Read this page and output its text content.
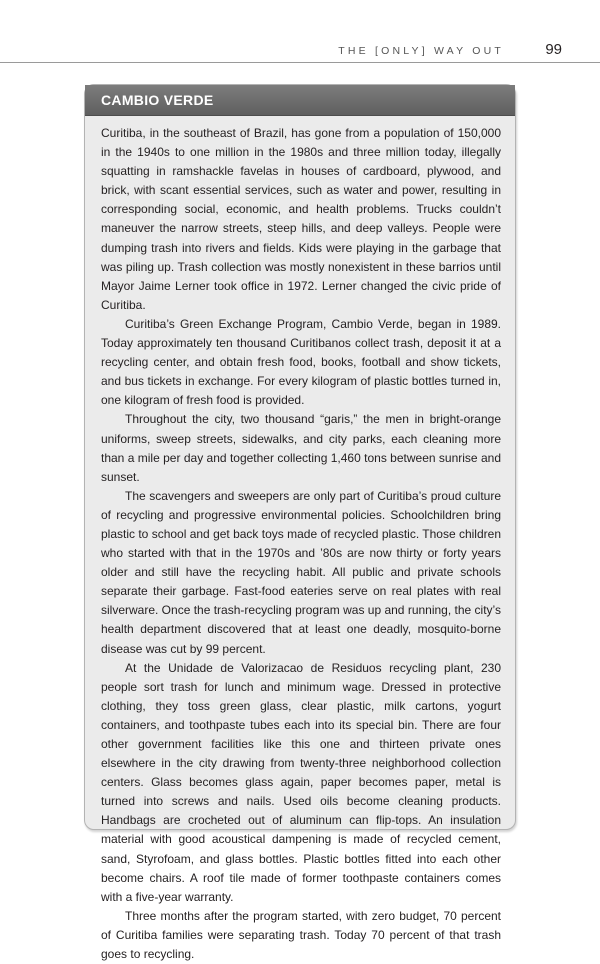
THE [ONLY] WAY OUT	99
CAMBIO VERDE

Curitiba, in the southeast of Brazil, has gone from a population of 150,000 in the 1940s to one million in the 1980s and three million today, illegally squatting in ramshackle favelas in houses of cardboard, plywood, and brick, with scant essential services, such as water and power, resulting in corresponding social, economic, and health problems. Trucks couldn’t maneuver the narrow streets, steep hills, and deep valleys. People were dumping trash into rivers and fields. Kids were playing in the garbage that was piling up. Trash collection was mostly nonexistent in these barrios until Mayor Jaime Lerner took office in 1972. Lerner changed the civic pride of Curitiba.

Curitiba’s Green Exchange Program, Cambio Verde, began in 1989. Today approximately ten thousand Curitibanos collect trash, deposit it at a recycling center, and obtain fresh food, books, football and show tickets, and bus tickets in exchange. For every kilogram of plastic bottles turned in, one kilogram of fresh food is provided.

Throughout the city, two thousand “garis,” the men in bright-orange uniforms, sweep streets, sidewalks, and city parks, each cleaning more than a mile per day and together collecting 1,460 tons between sunrise and sunset.

The scavengers and sweepers are only part of Curitiba’s proud culture of recycling and progressive environmental policies. Schoolchildren bring plastic to school and get back toys made of recycled plastic. Those children who started with that in the 1970s and ’80s are now thirty or forty years older and still have the recycling habit. All public and private schools separate their garbage. Fast-food eateries serve on real plates with real silverware. Once the trash-recycling program was up and running, the city’s health department discovered that at least one deadly, mosquito-borne disease was cut by 99 percent.

At the Unidade de Valorizacao de Residuos recycling plant, 230 people sort trash for lunch and minimum wage. Dressed in protective clothing, they toss green glass, clear plastic, milk cartons, yogurt containers, and toothpaste tubes each into its special bin. There are four other government facilities like this one and thirteen private ones elsewhere in the city drawing from twenty-three neighborhood collection centers. Glass becomes glass again, paper becomes paper, metal is turned into screws and nails. Used oils become cleaning products. Handbags are crocheted out of aluminum can flip-tops. An insulation material with good acoustical dampening is made of recycled cement, sand, Styrofoam, and glass bottles. Plastic bottles fitted into each other become chairs. A roof tile made of former toothpaste containers comes with a five-year warranty.

Three months after the program started, with zero budget, 70 percent of Curitiba families were separating trash. Today 70 percent of that trash goes to recycling.
